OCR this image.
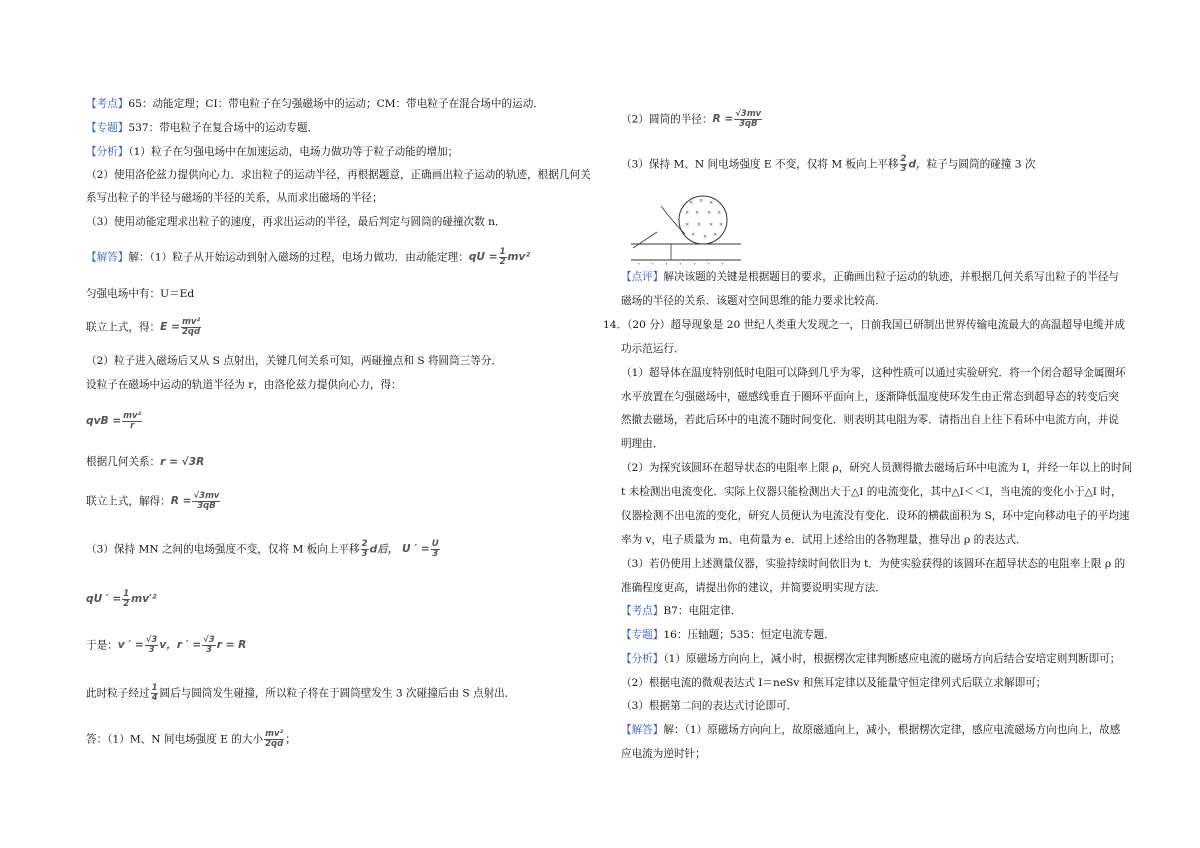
【考点】65：动能定理；CI：带电粒子在匀强磁场中的运动；CM：带电粒子在混合场中的运动．
【专题】537：带电粒子在复合场中的运动专题．
【分析】（1）粒子在匀强电场中在加速运动，电场力做功等于粒子动能的增加；
（2）使用洛伦兹力提供向心力．求出粒子的运动半径，再根据题意，正确画出粒子运动的轨迹，根据几何关
系写出粒子的半径与磁场的半径的关系，从而求出磁场的半径；
（3）使用动能定理求出粒子的速度，再求出运动的半径，最后判定与圆筒的碰撞次数 n．
【解答】解：（1）粒子从开始运动到射入磁场的过程，电场力做功．由动能定理：qU = $\frac{1}{2} mv^2$
匀强电场中有：U＝Ed
联立上式，得：$E = \frac{\text{mv²}}{2qd}$
（2）粒子进入磁场后又从 S 点射出，关键几何关系可知，两碰撞点和 S 将圆筒三等分．
设粒子在磁场中运动的轨道半径为 r，由洛伦兹力提供向心力，得：
qvB = $\frac{\text{mv²}}{r}$
根据几何关系：r = √3R
联立上式，解得：$R = \frac{√3mv}{3qB}$
（3）保持 MN 之间的电场强度不变，仅将 M 板向上平移 $\frac{2}{3}$ d后， U ′ = $\frac{U}{3}$
qU ′ = $\frac{1}{2} mv'^2$
于是：v ′ = $\frac{√3}{3}$ v，r ′ = $\frac{√3}{3}$ r = R
此时粒子经过 $\frac{1}{4}$ 圆后与圆筒发生碰撞，所以粒子将在于圆筒壁发生 3 次碰撞后由 S 点射出．
答：（1）M、N 间电场强度 E 的大小 $\frac{\text{mv²}}{2qd}$ ；
（2）圆筒的半径：$R = \frac{√3mv}{3qB}$
（3）保持 M、N 间电场强度 E 不变，仅将 M 板向上平移 $\frac{2}{3}$ d，粒子与圆筒的碰撞 3 次
× × ×
× × × ×
× × × ×
× × ×
+	+	+	+	+	+	+
【点评】解决该题的关键是根据题目的要求，正确画出粒子运动的轨迹，并根据几何关系写出粒子的半径与
磁场的半径的关系．该题对空间思维的能力要求比较高．
14．（20 分）超导现象是 20 世纪人类重大发现之一，日前我国已研制出世界传输电流最大的高温超导电缆并成
功示范运行．
（1）超导体在温度特别低时电阻可以降到几乎为零，这种性质可以通过实验研究．将一个闭合超导金属圈环
水平放置在匀强磁场中，磁感线垂直于圈环平面向上，逐渐降低温度使环发生由正常态到超导态的转变后突
然撤去磁场，若此后环中的电流不随时间变化．则表明其电阻为零．请指出自上往下看环中电流方向，并说
明理由．
（2）为探究该圆环在超导状态的电阻率上限 ρ，研究人员测得撤去磁场后环中电流为 I，并经一年以上的时间
t 未检测出电流变化．实际上仪器只能检测出大于△I 的电流变化，其中△I＜＜I，当电流的变化小于△I 时，
仪器检测不出电流的变化，研究人员便认为电流没有变化．设环的横截面积为 S，环中定向移动电子的平均速
率为 v，电子质量为 m、电荷量为 e．试用上述给出的各物理量，推导出 ρ 的表达式．
（3）若仍使用上述测量仪器，实验持续时间依旧为 t．为使实验获得的该圆环在超导状态的电阻率上限 ρ 的
准确程度更高，请提出你的建议，并简要说明实现方法．
【考点】B7：电阻定律．
【专题】16：压轴题；535：恒定电流专题．
【分析】（1）原磁场方向向上，减小时，根据楞次定律判断感应电流的磁场方向后结合安培定则判断即可；
（2）根据电流的微观表达式 I＝neSv 和焦耳定律以及能量守恒定律列式后联立求解即可；
（3）根据第二问的表达式讨论即可．
【解答】解：（1）原磁场方向向上，故原磁通向上，减小，根据楞次定律，感应电流磁场方向也向上，故感
应电流为逆时针；
